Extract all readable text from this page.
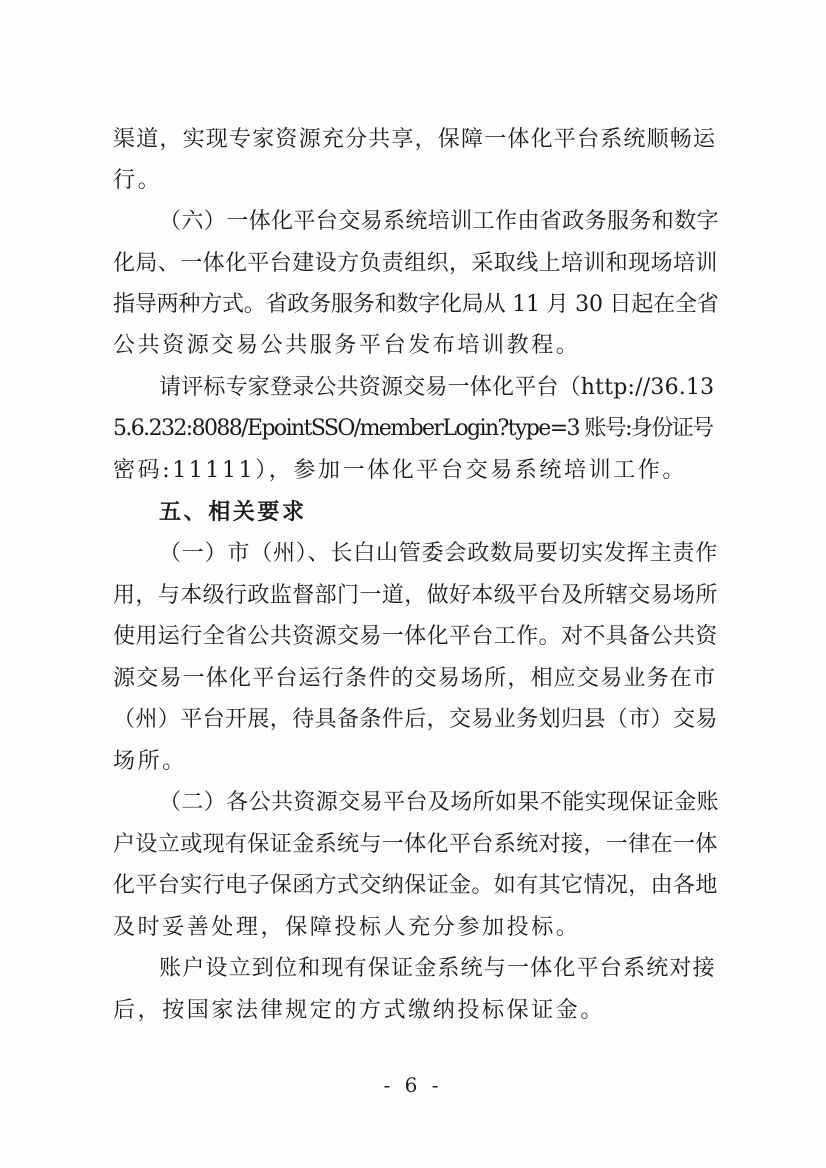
渠道，实现专家资源充分共享，保障一体化平台系统顺畅运
行。
（六）一体化平台交易系统培训工作由省政务服务和数字
化局、一体化平台建设方负责组织，采取线上培训和现场培训
指导两种方式。省政务服务和数字化局从 11 月 30 日起在全省
公共资源交易公共服务平台发布培训教程。
请评标专家登录公共资源交易一体化平台（http://36.13
5.6.232:8088/EpointSSO/memberLogin?type=3 账号:身份证号
密码:11111），参加一体化平台交易系统培训工作。
五、相关要求
（一）市（州）、长白山管委会政数局要切实发挥主责作
用，与本级行政监督部门一道，做好本级平台及所辖交易场所
使用运行全省公共资源交易一体化平台工作。对不具备公共资
源交易一体化平台运行条件的交易场所，相应交易业务在市
（州）平台开展，待具备条件后，交易业务划归县（市）交易
场所。
（二）各公共资源交易平台及场所如果不能实现保证金账
户设立或现有保证金系统与一体化平台系统对接，一律在一体
化平台实行电子保函方式交纳保证金。如有其它情况，由各地
及时妥善处理，保障投标人充分参加投标。
账户设立到位和现有保证金系统与一体化平台系统对接
后，按国家法律规定的方式缴纳投标保证金。
- 6 -
